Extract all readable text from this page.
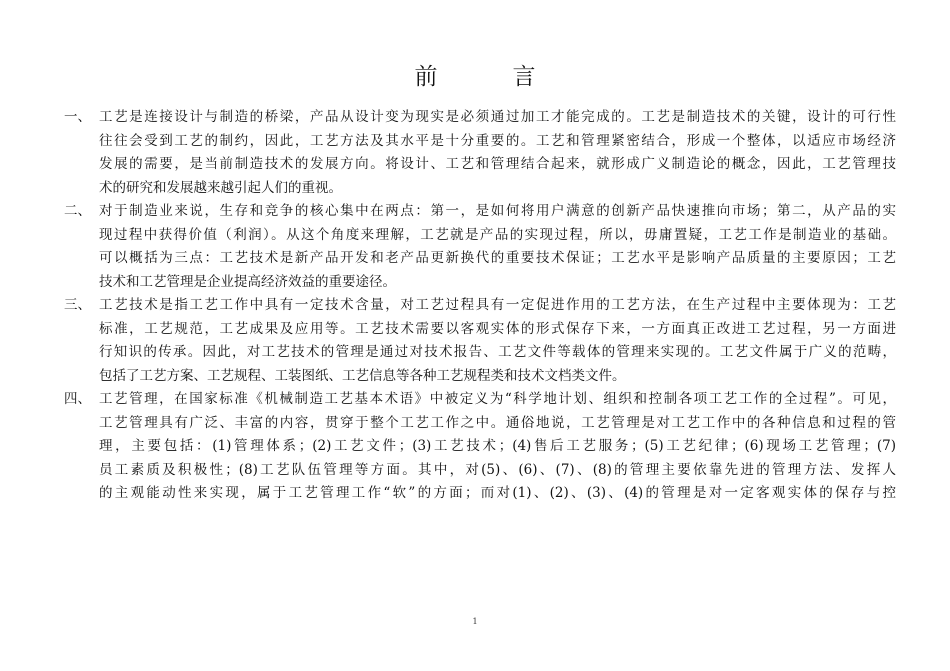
前　言
一、 工艺是连接设计与制造的桥梁，产品从设计变为现实是必须通过加工才能完成的。工艺是制造技术的关键，设计的可行性
往往会受到工艺的制约，因此，工艺方法及其水平是十分重要的。工艺和管理紧密结合，形成一个整体，以适应市场经济
发展的需要，是当前制造技术的发展方向。将设计、工艺和管理结合起来，就形成广义制造论的概念，因此，工艺管理技
术的研究和发展越来越引起人们的重视。
二、 对于制造业来说，生存和竞争的核心集中在两点：第一，是如何将用户满意的创新产品快速推向市场；第二，从产品的实
现过程中获得价值（利润）。从这个角度来理解，工艺就是产品的实现过程，所以，毋庸置疑，工艺工作是制造业的基础。
可以概括为三点：工艺技术是新产品开发和老产品更新换代的重要技术保证；工艺水平是影响产品质量的主要原因；工艺
技术和工艺管理是企业提高经济效益的重要途径。
三、 工艺技术是指工艺工作中具有一定技术含量，对工艺过程具有一定促进作用的工艺方法，在生产过程中主要体现为：工艺
标准，工艺规范，工艺成果及应用等。工艺技术需要以客观实体的形式保存下来，一方面真正改进工艺过程，另一方面进
行知识的传承。因此，对工艺技术的管理是通过对技术报告、工艺文件等载体的管理来实现的。工艺文件属于广义的范畴，
包括了工艺方案、工艺规程、工装图纸、工艺信息等各种工艺规程类和技术文档类文件。
四、 工艺管理，在国家标准《机械制造工艺基本术语》中被定义为“科学地计划、组织和控制各项工艺工作的全过程”。可见，
工艺管理具有广泛、丰富的内容，贯穿于整个工艺工作之中。通俗地说，工艺管理是对工艺工作中的各种信息和过程的管
理，主要包括：(1)管理体系；(2)工艺文件；(3)工艺技术；(4)售后工艺服务；(5)工艺纪律；(6)现场工艺管理；(7)
员工素质及积极性；(8)工艺队伍管理等方面。其中，对(5)、(6)、(7)、(8)的管理主要依靠先进的管理方法、发挥人
的主观能动性来实现，属于工艺管理工作“软”的方面；而对(1)、(2)、(3)、(4)的管理是对一定客观实体的保存与控
1
